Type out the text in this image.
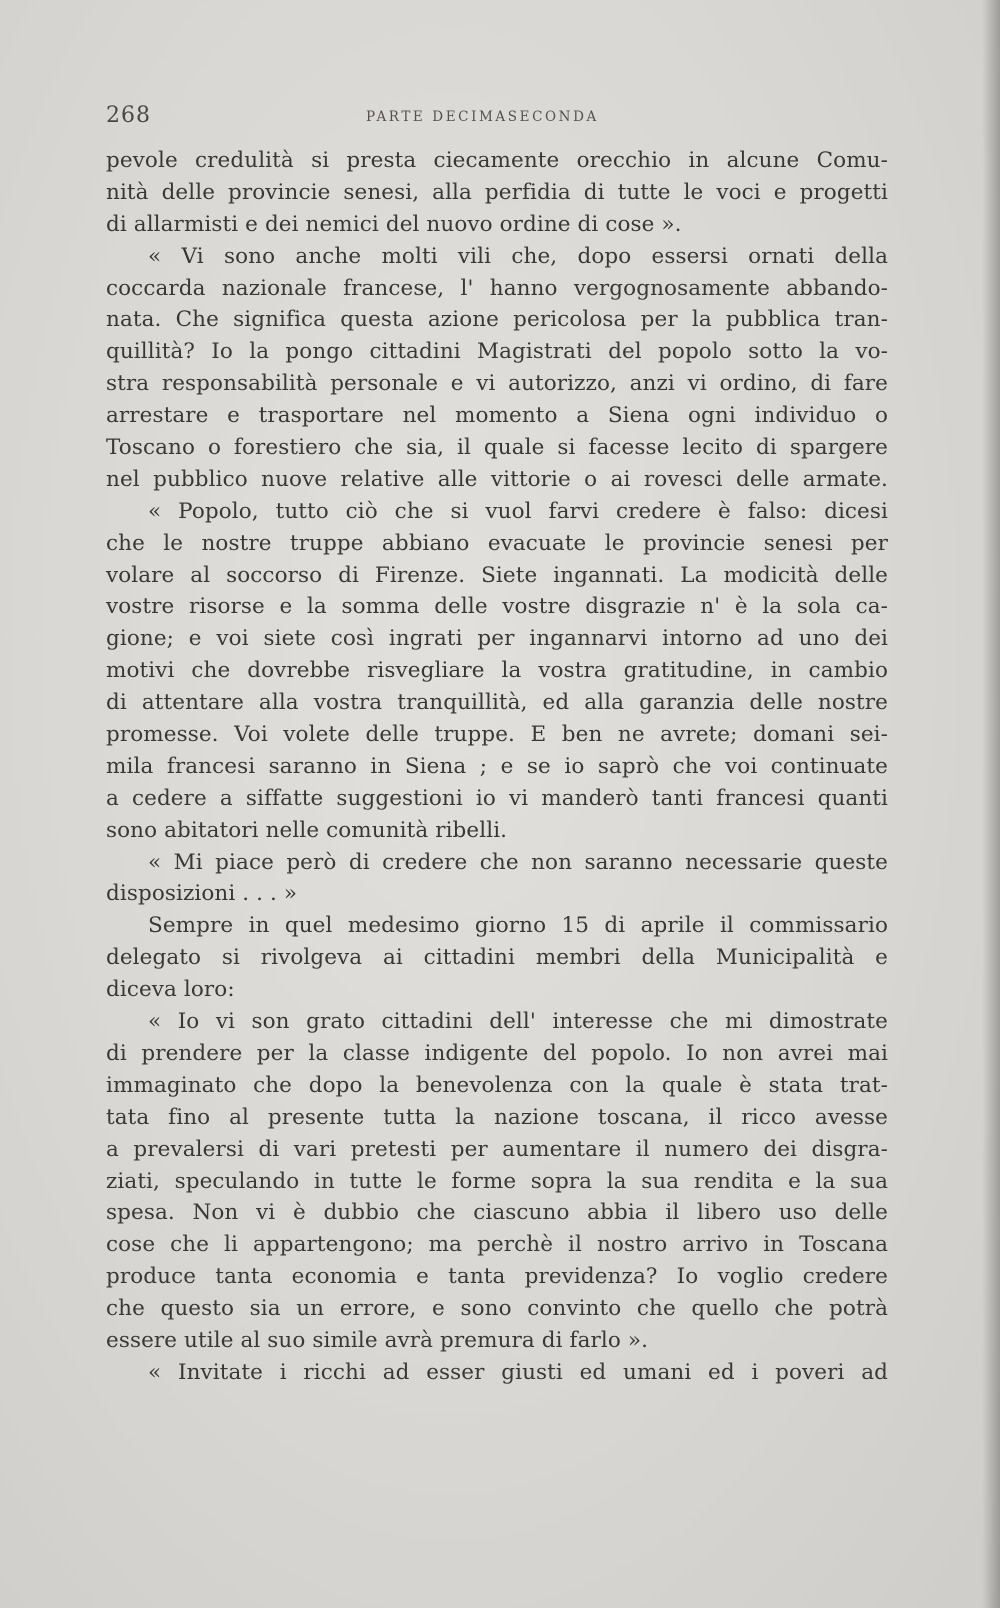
268	PARTE DECIMASECONDA
pevole credulità si presta ciecamente orecchio in alcune Comu-
nità delle provincie senesi, alla perfidia di tutte le voci e progetti
di allarmisti e dei nemici del nuovo ordine di cose ».
« Vi sono anche molti vili che, dopo essersi ornati della
coccarda nazionale francese, l' hanno vergognosamente abbando-
nata. Che significa questa azione pericolosa per la pubblica tran-
quillità? Io la pongo cittadini Magistrati del popolo sotto la vo-
stra responsabilità personale e vi autorizzo, anzi vi ordino, di fare
arrestare e trasportare nel momento a Siena ogni individuo o
Toscano o forestiero che sia, il quale si facesse lecito di spargere
nel pubblico nuove relative alle vittorie o ai rovesci delle armate.
« Popolo, tutto ciò che si vuol farvi credere è falso: dicesi
che le nostre truppe abbiano evacuate le provincie senesi per
volare al soccorso di Firenze. Siete ingannati. La modicità delle
vostre risorse e la somma delle vostre disgrazie n' è la sola ca-
gione; e voi siete così ingrati per ingannarvi intorno ad uno dei
motivi che dovrebbe risvegliare la vostra gratitudine, in cambio
di attentare alla vostra tranquillità, ed alla garanzia delle nostre
promesse. Voi volete delle truppe. E ben ne avrete; domani sei-
mila francesi saranno in Siena ; e se io saprò che voi continuate
a cedere a siffatte suggestioni io vi manderò tanti francesi quanti
sono abitatori nelle comunità ribelli.
« Mi piace però di credere che non saranno necessarie queste
disposizioni . . . »
Sempre in quel medesimo giorno 15 di aprile il commissario
delegato si rivolgeva ai cittadini membri della Municipalità e
diceva loro:
« Io vi son grato cittadini dell' interesse che mi dimostrate
di prendere per la classe indigente del popolo. Io non avrei mai
immaginato che dopo la benevolenza con la quale è stata trat-
tata fino al presente tutta la nazione toscana, il ricco avesse
a prevalersi di vari pretesti per aumentare il numero dei disgra-
ziati, speculando in tutte le forme sopra la sua rendita e la sua
spesa. Non vi è dubbio che ciascuno abbia il libero uso delle
cose che li appartengono; ma perchè il nostro arrivo in Toscana
produce tanta economia e tanta previdenza? Io voglio credere
che questo sia un errore, e sono convinto che quello che potrà
essere utile al suo simile avrà premura di farlo ».
« Invitate i ricchi ad esser giusti ed umani ed i poveri ad
